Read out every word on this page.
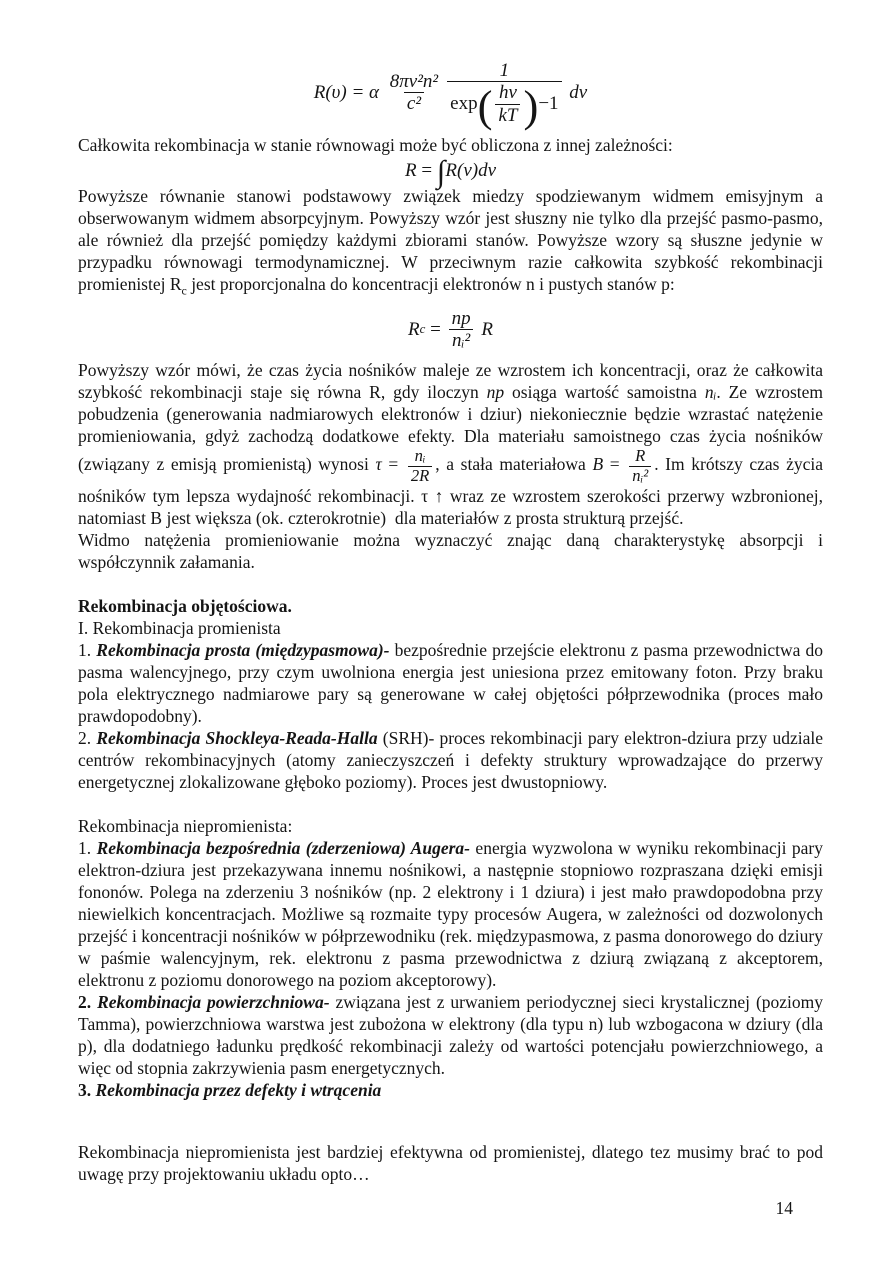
R(υ) = α $\frac{\text{8πv²n²}}{\text{c²}} \frac{1}{\exp ( \frac{hv}{kT} ) -1}$ dv
Całkowita rekombinacja w stanie równowagi może być obliczona z innej zależności:
R = ∫ R(v)dv
Powyższe równanie stanowi podstawowy związek miedzy spodziewanym widmem emisyjnym a obserwowanym widmem absorpcyjnym. Powyższy wzór jest słuszny nie tylko dla przejść pasmo-pasmo, ale również dla przejść pomiędzy każdymi zbiorami stanów. Powyższe wzory są słuszne jedynie w przypadku równowagi termodynamicznej. W przeciwnym razie całkowita szybkość rekombinacji promienistej $R_c$ jest proporcjonalna do koncentracji elektronów n i pustych stanów p:
R $c = \frac{np}{\text{nᵢ²}}$ R
Powyższy wzór mówi, że czas życia nośników maleje ze wzrostem ich koncentracji, oraz że całkowita szybkość rekombinacji staje się równa R, gdy iloczyn np osiąga wartość samoistna nᵢ. Ze wzrostem pobudzenia (generowania nadmiarowych elektronów i dziur) niekoniecznie będzie wzrastać natężenie promieniowania, gdyż zachodzą dodatkowe efekty. Dla materiału samoistnego czas życia nośników (związany z emisją promienistą) wynosi $\tau = \frac{\text{nᵢ}}{2R}$ , a stała materiałowa $B = \frac{R}{\text{nᵢ²}}$ . Im krótszy czas życia nośników tym lepsza wydajność rekombinacji. τ ↑ wraz ze wzrostem szerokości przerwy wzbronionej, natomiast B jest większa (ok. czterokrotnie)  dla materiałów z prosta strukturą przejść.
Widmo natężenia promieniowanie można wyznaczyć znając daną charakterystykę absorpcji i współczynnik załamania.
Rekombinacja objętościowa.
I. Rekombinacja promienista
1. Rekombinacja prosta (międzypasmowa)- bezpośrednie przejście elektronu z pasma przewodnictwa do pasma walencyjnego, przy czym uwolniona energia jest uniesiona przez emitowany foton. Przy braku pola elektrycznego nadmiarowe pary są generowane w całej objętości półprzewodnika (proces mało prawdopodobny).
2. Rekombinacja Shockleya-Reada-Halla (SRH)- proces rekombinacji pary elektron-dziura przy udziale centrów rekombinacyjnych (atomy zanieczyszczeń i defekty struktury wprowadzające do przerwy energetycznej zlokalizowane głęboko poziomy). Proces jest dwustopniowy.
Rekombinacja niepromienista:
1. Rekombinacja bezpośrednia (zderzeniowa) Augera- energia wyzwolona w wyniku rekombinacji pary elektron-dziura jest przekazywana innemu nośnikowi, a następnie stopniowo rozpraszana dzięki emisji fononów. Polega na zderzeniu 3 nośników (np. 2 elektrony i 1 dziura) i jest mało prawdopodobna przy niewielkich koncentracjach. Możliwe są rozmaite typy procesów Augera, w zależności od dozwolonych przejść i koncentracji nośników w półprzewodniku (rek. międzypasmowa, z pasma donorowego do dziury w paśmie walencyjnym, rek. elektronu z pasma przewodnictwa z dziurą związaną z akceptorem, elektronu z poziomu donorowego na poziom akceptorowy).
2. Rekombinacja powierzchniowa- związana jest z urwaniem periodycznej sieci krystalicznej (poziomy Tamma), powierzchniowa warstwa jest zubożona w elektrony (dla typu n) lub wzbogacona w dziury (dla p), dla dodatniego ładunku prędkość rekombinacji zależy od wartości potencjału powierzchniowego, a więc od stopnia zakrzywienia pasm energetycznych.
3. Rekombinacja przez defekty i wtrącenia
Rekombinacja niepromienista jest bardziej efektywna od promienistej, dlatego tez musimy brać to pod uwagę przy projektowaniu układu opto…
14
